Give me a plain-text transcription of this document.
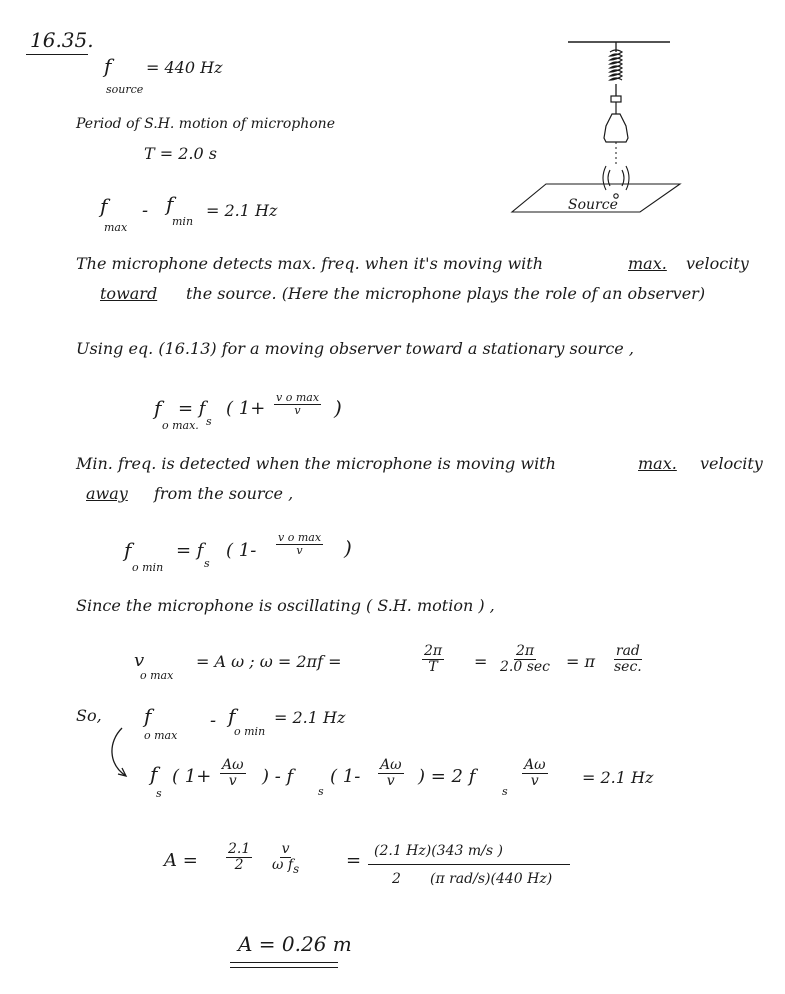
16.35.
f
source
= 440 Hz
Period of S.H. motion of microphone
T = 2.0 s
f
max
- f
min
= 2.1 Hz	Source
The microphone detects max. freq. when it's moving with	max. velocity
toward the source. (Here the microphone plays the role of an observer)
Using eq. (16.13) for a moving observer toward a stationary source ,
f
o max.
= f
s
( 1+
v o max
v )
Min. freq. is detected when the microphone is moving with	max. velocity
away from the source ,
f
o min
= f
s
( 1-
v o max
v )
Since the microphone is oscillating ( S.H. motion ) ,
v
o max
= A ω ; ω = 2πf =	$\frac{2\pi}{T}$ =
2π
2.0 sec = π
rad
sec.
So, f
o max
- f
o min
= 2.1 Hz
f
s
( $1+ \frac{A\omega}{v}$ ) - f
s
( $1- \frac{A\omega}{v}$ ) = 2 f
s
$\frac{A\omega}{v} = 2.1$ Hz
$A = \frac{2.1}{2} \frac{v}{\omega f_s} = (2.1$ Hz)(343 m/s )
2 (π rad/s)(440 Hz)
A = 0.26 m
